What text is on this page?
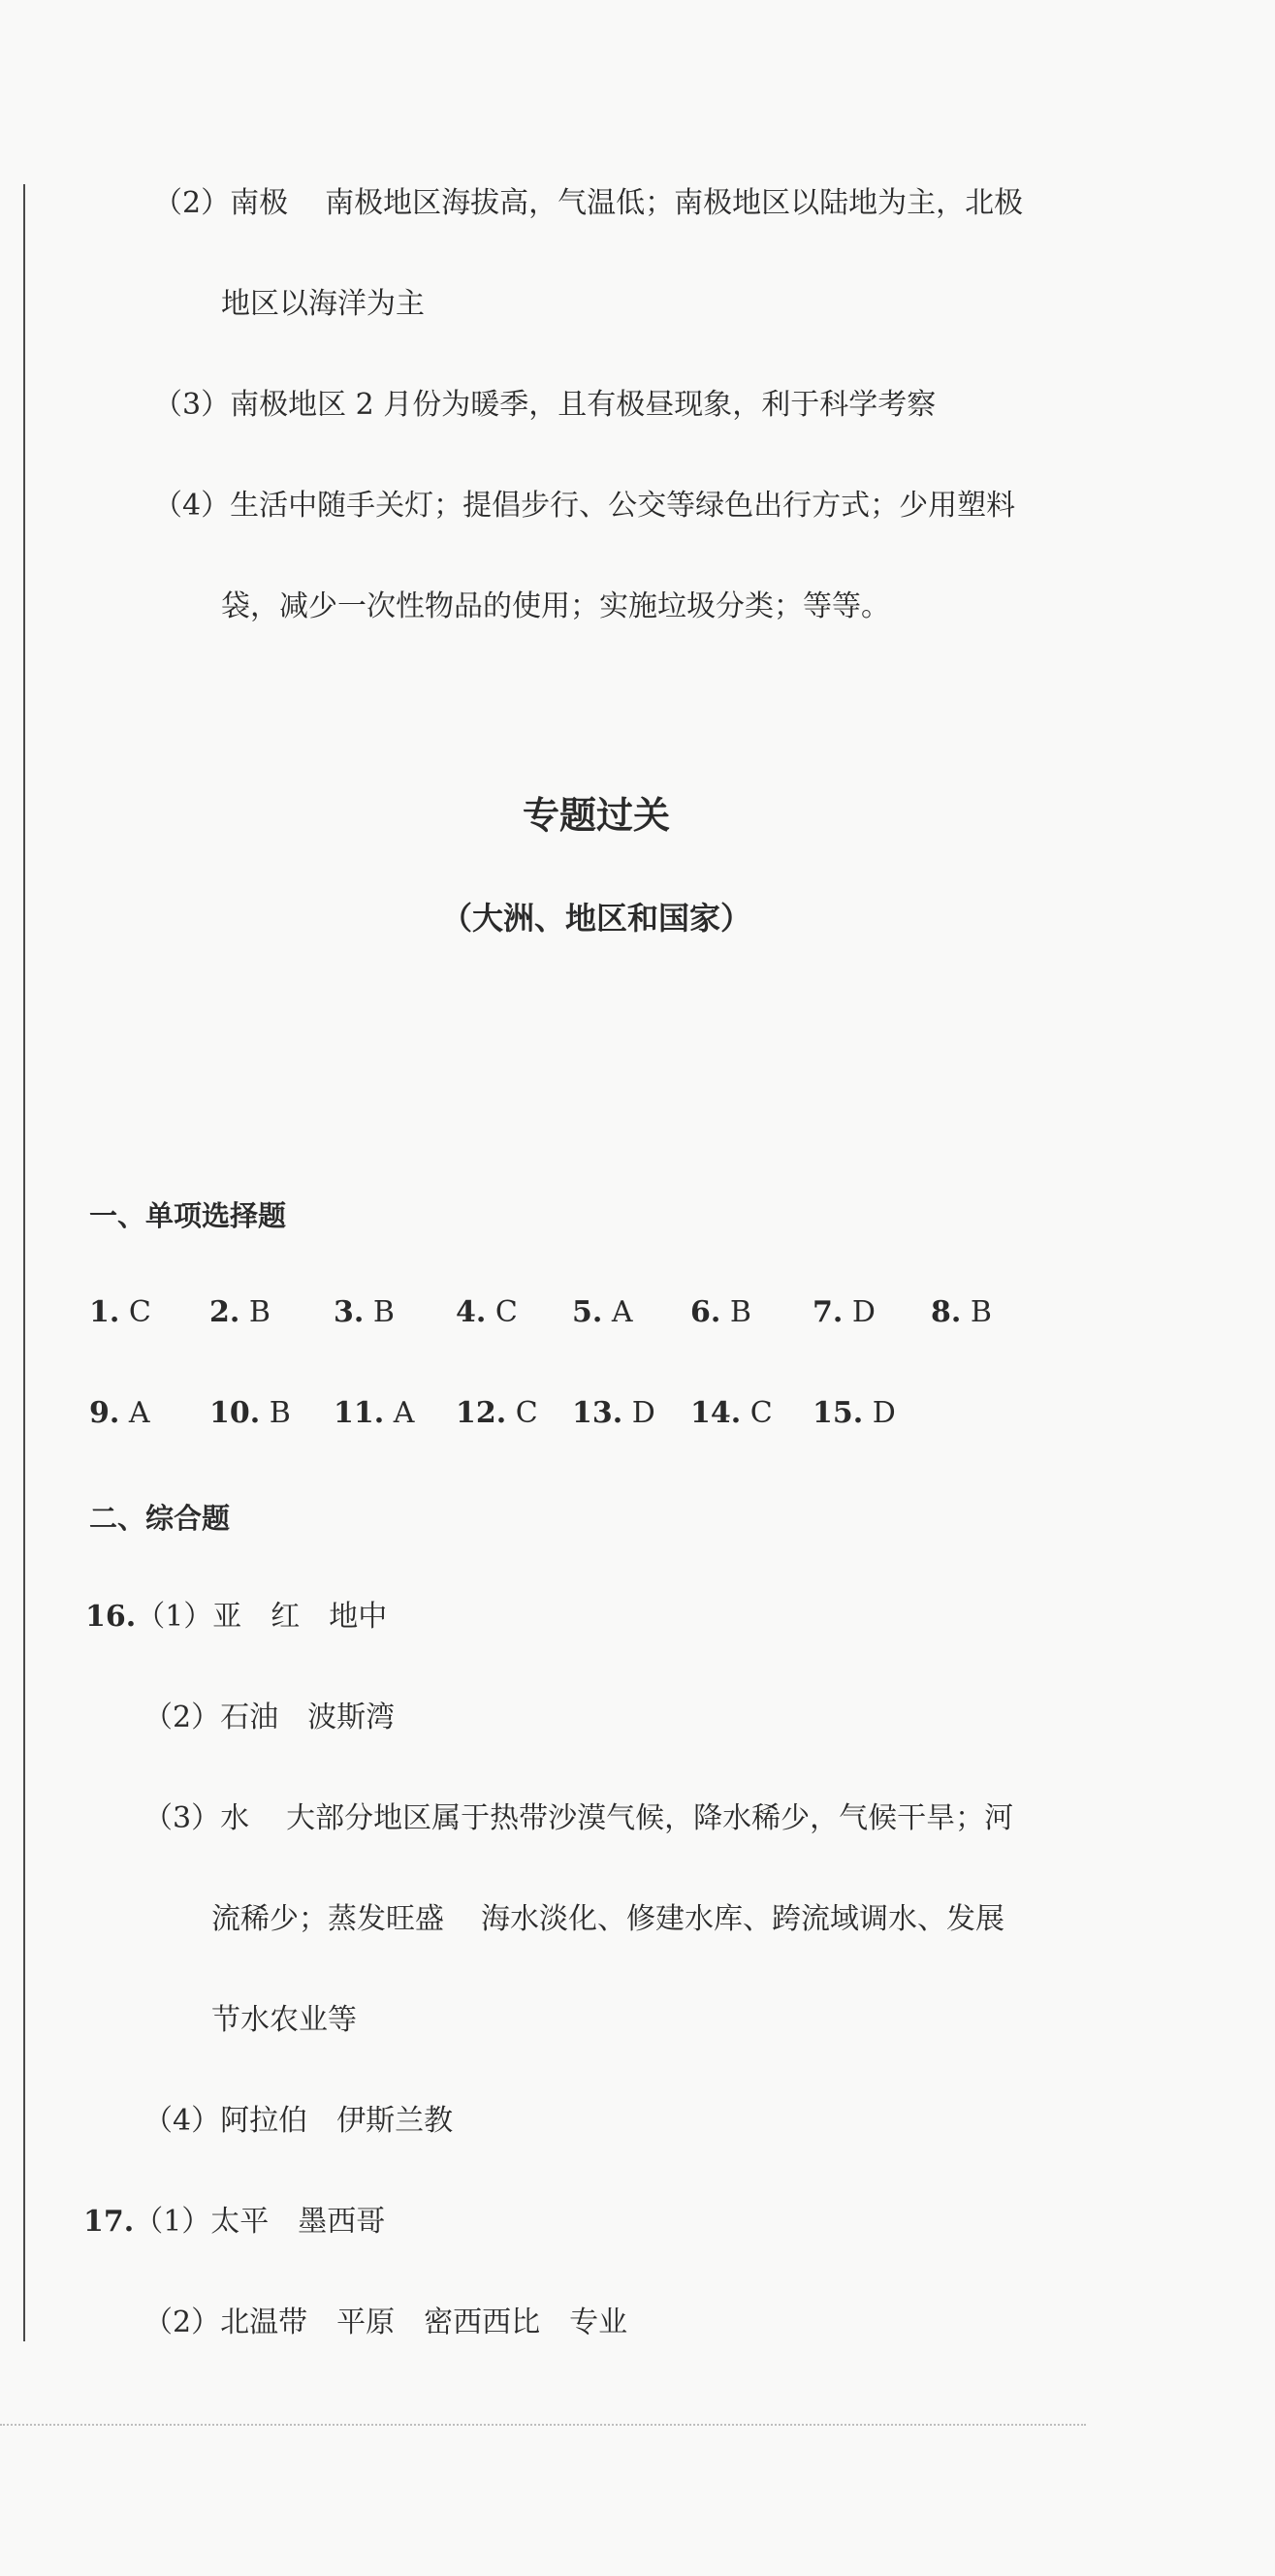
（2）南极 南极地区海拔高，气温低；南极地区以陆地为主，北极
地区以海洋为主
（3）南极地区 2 月份为暖季，且有极昼现象，利于科学考察
（4）生活中随手关灯；提倡步行、公交等绿色出行方式；少用塑料
袋，减少一次性物品的使用；实施垃圾分类；等等。
专题过关
（大洲、地区和国家）
一、单项选择题
1. C 2. B 3. B 4. C 5. A 6. B 7. D 8. B
9. A 10. B 11. A 12. C 13. D 14. C 15. D
二、综合题
16.（1）亚　红　地中
（2）石油　波斯湾
（3）水 大部分地区属于热带沙漠气候，降水稀少，气候干旱；河
流稀少；蒸发旺盛 海水淡化、修建水库、跨流域调水、发展
节水农业等
（4）阿拉伯　伊斯兰教
17.（1）太平　墨西哥
（2）北温带　平原　密西西比　专业
